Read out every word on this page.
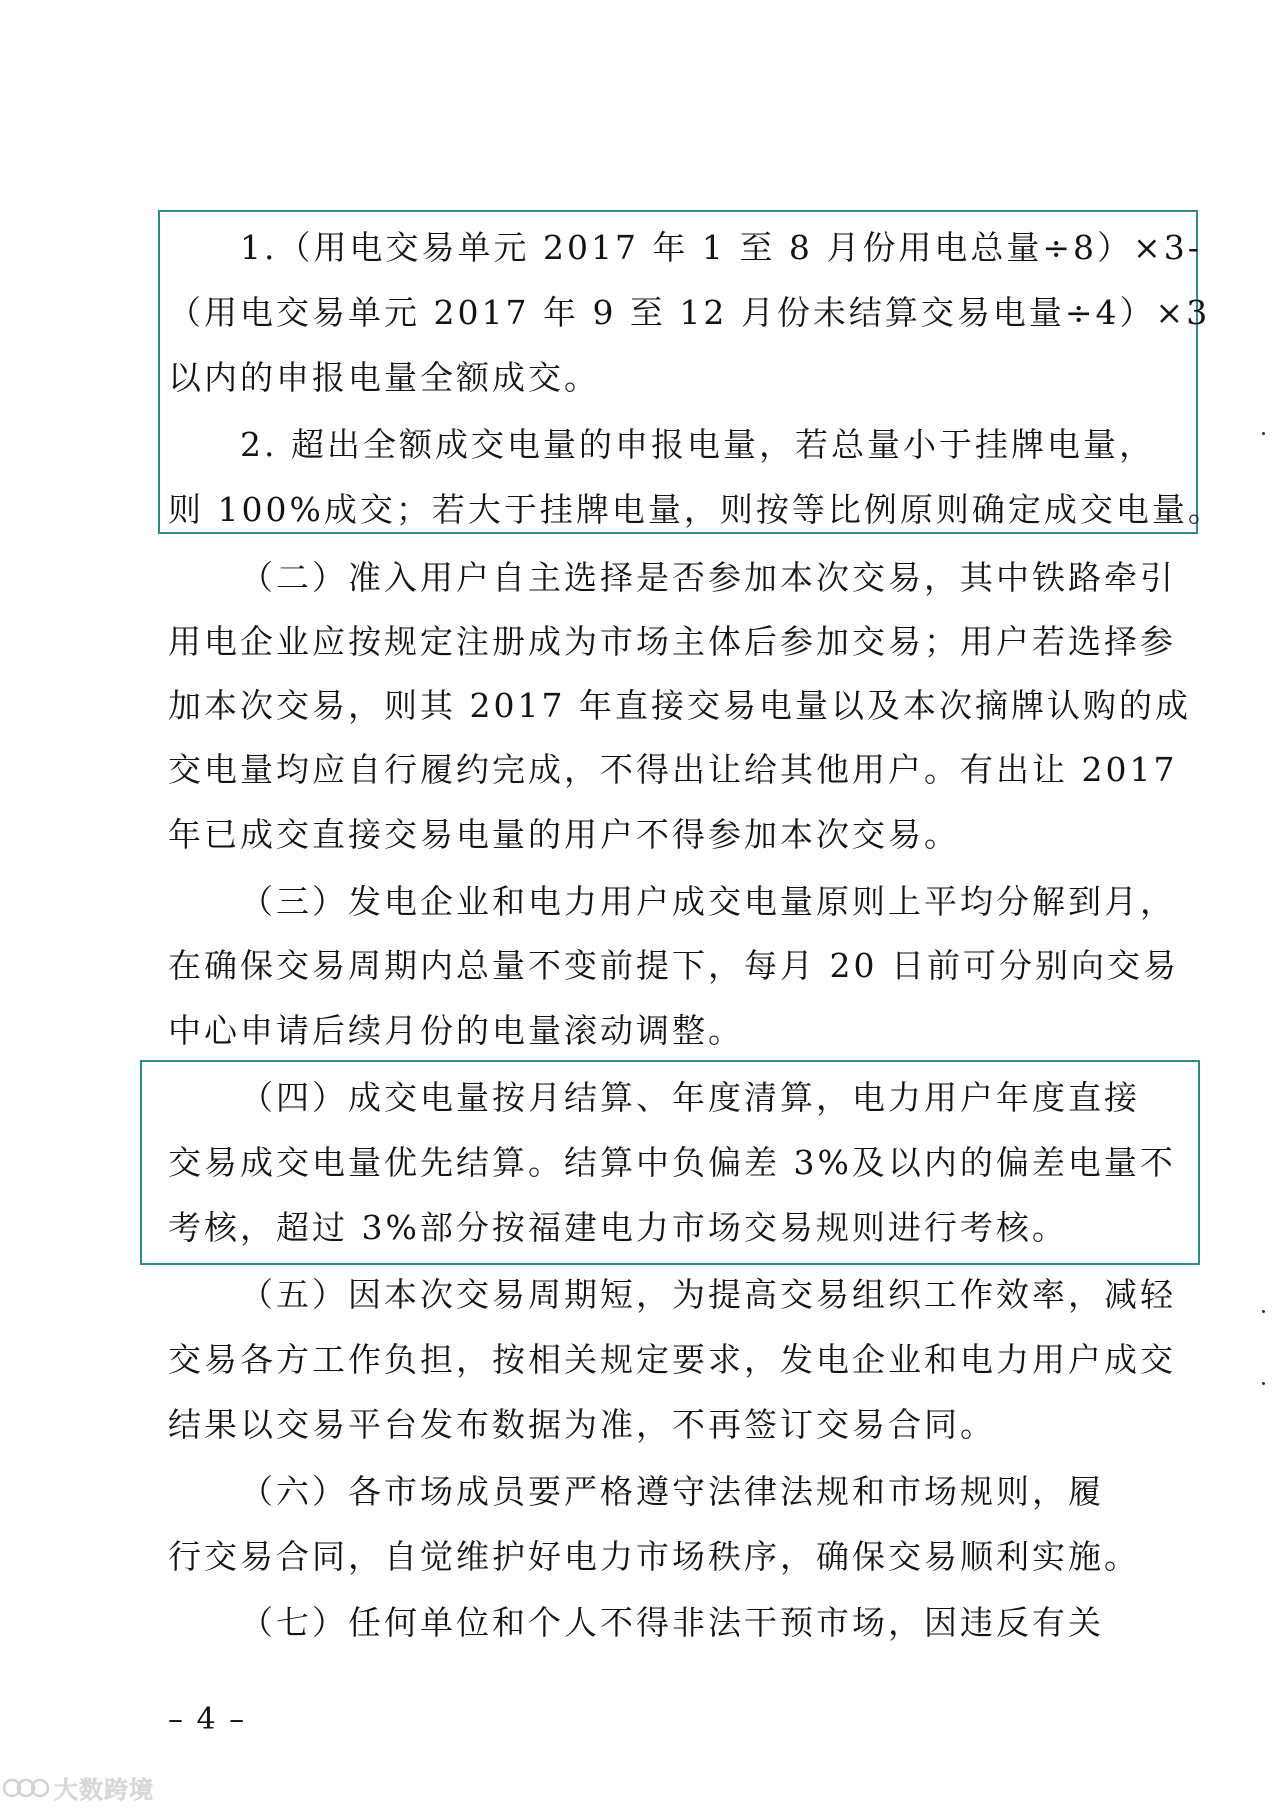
1.（用电交易单元 2017 年 1 至 8 月份用电总量÷8）×3-
（用电交易单元 2017 年 9 至 12 月份未结算交易电量÷4）×3
以内的申报电量全额成交。
2. 超出全额成交电量的申报电量，若总量小于挂牌电量，
则 100%成交；若大于挂牌电量，则按等比例原则确定成交电量。
（二）准入用户自主选择是否参加本次交易，其中铁路牵引
用电企业应按规定注册成为市场主体后参加交易；用户若选择参
加本次交易，则其 2017 年直接交易电量以及本次摘牌认购的成
交电量均应自行履约完成，不得出让给其他用户。有出让 2017
年已成交直接交易电量的用户不得参加本次交易。
（三）发电企业和电力用户成交电量原则上平均分解到月，
在确保交易周期内总量不变前提下，每月 20 日前可分别向交易
中心申请后续月份的电量滚动调整。
（四）成交电量按月结算、年度清算，电力用户年度直接
交易成交电量优先结算。结算中负偏差 3%及以内的偏差电量不
考核，超过 3%部分按福建电力市场交易规则进行考核。
（五）因本次交易周期短，为提高交易组织工作效率，减轻
交易各方工作负担，按相关规定要求，发电企业和电力用户成交
结果以交易平台发布数据为准，不再签订交易合同。
（六）各市场成员要严格遵守法律法规和市场规则，履
行交易合同，自觉维护好电力市场秩序，确保交易顺利实施。
（七）任何单位和个人不得非法干预市场，因违反有关
– 4 –
大数跨境
